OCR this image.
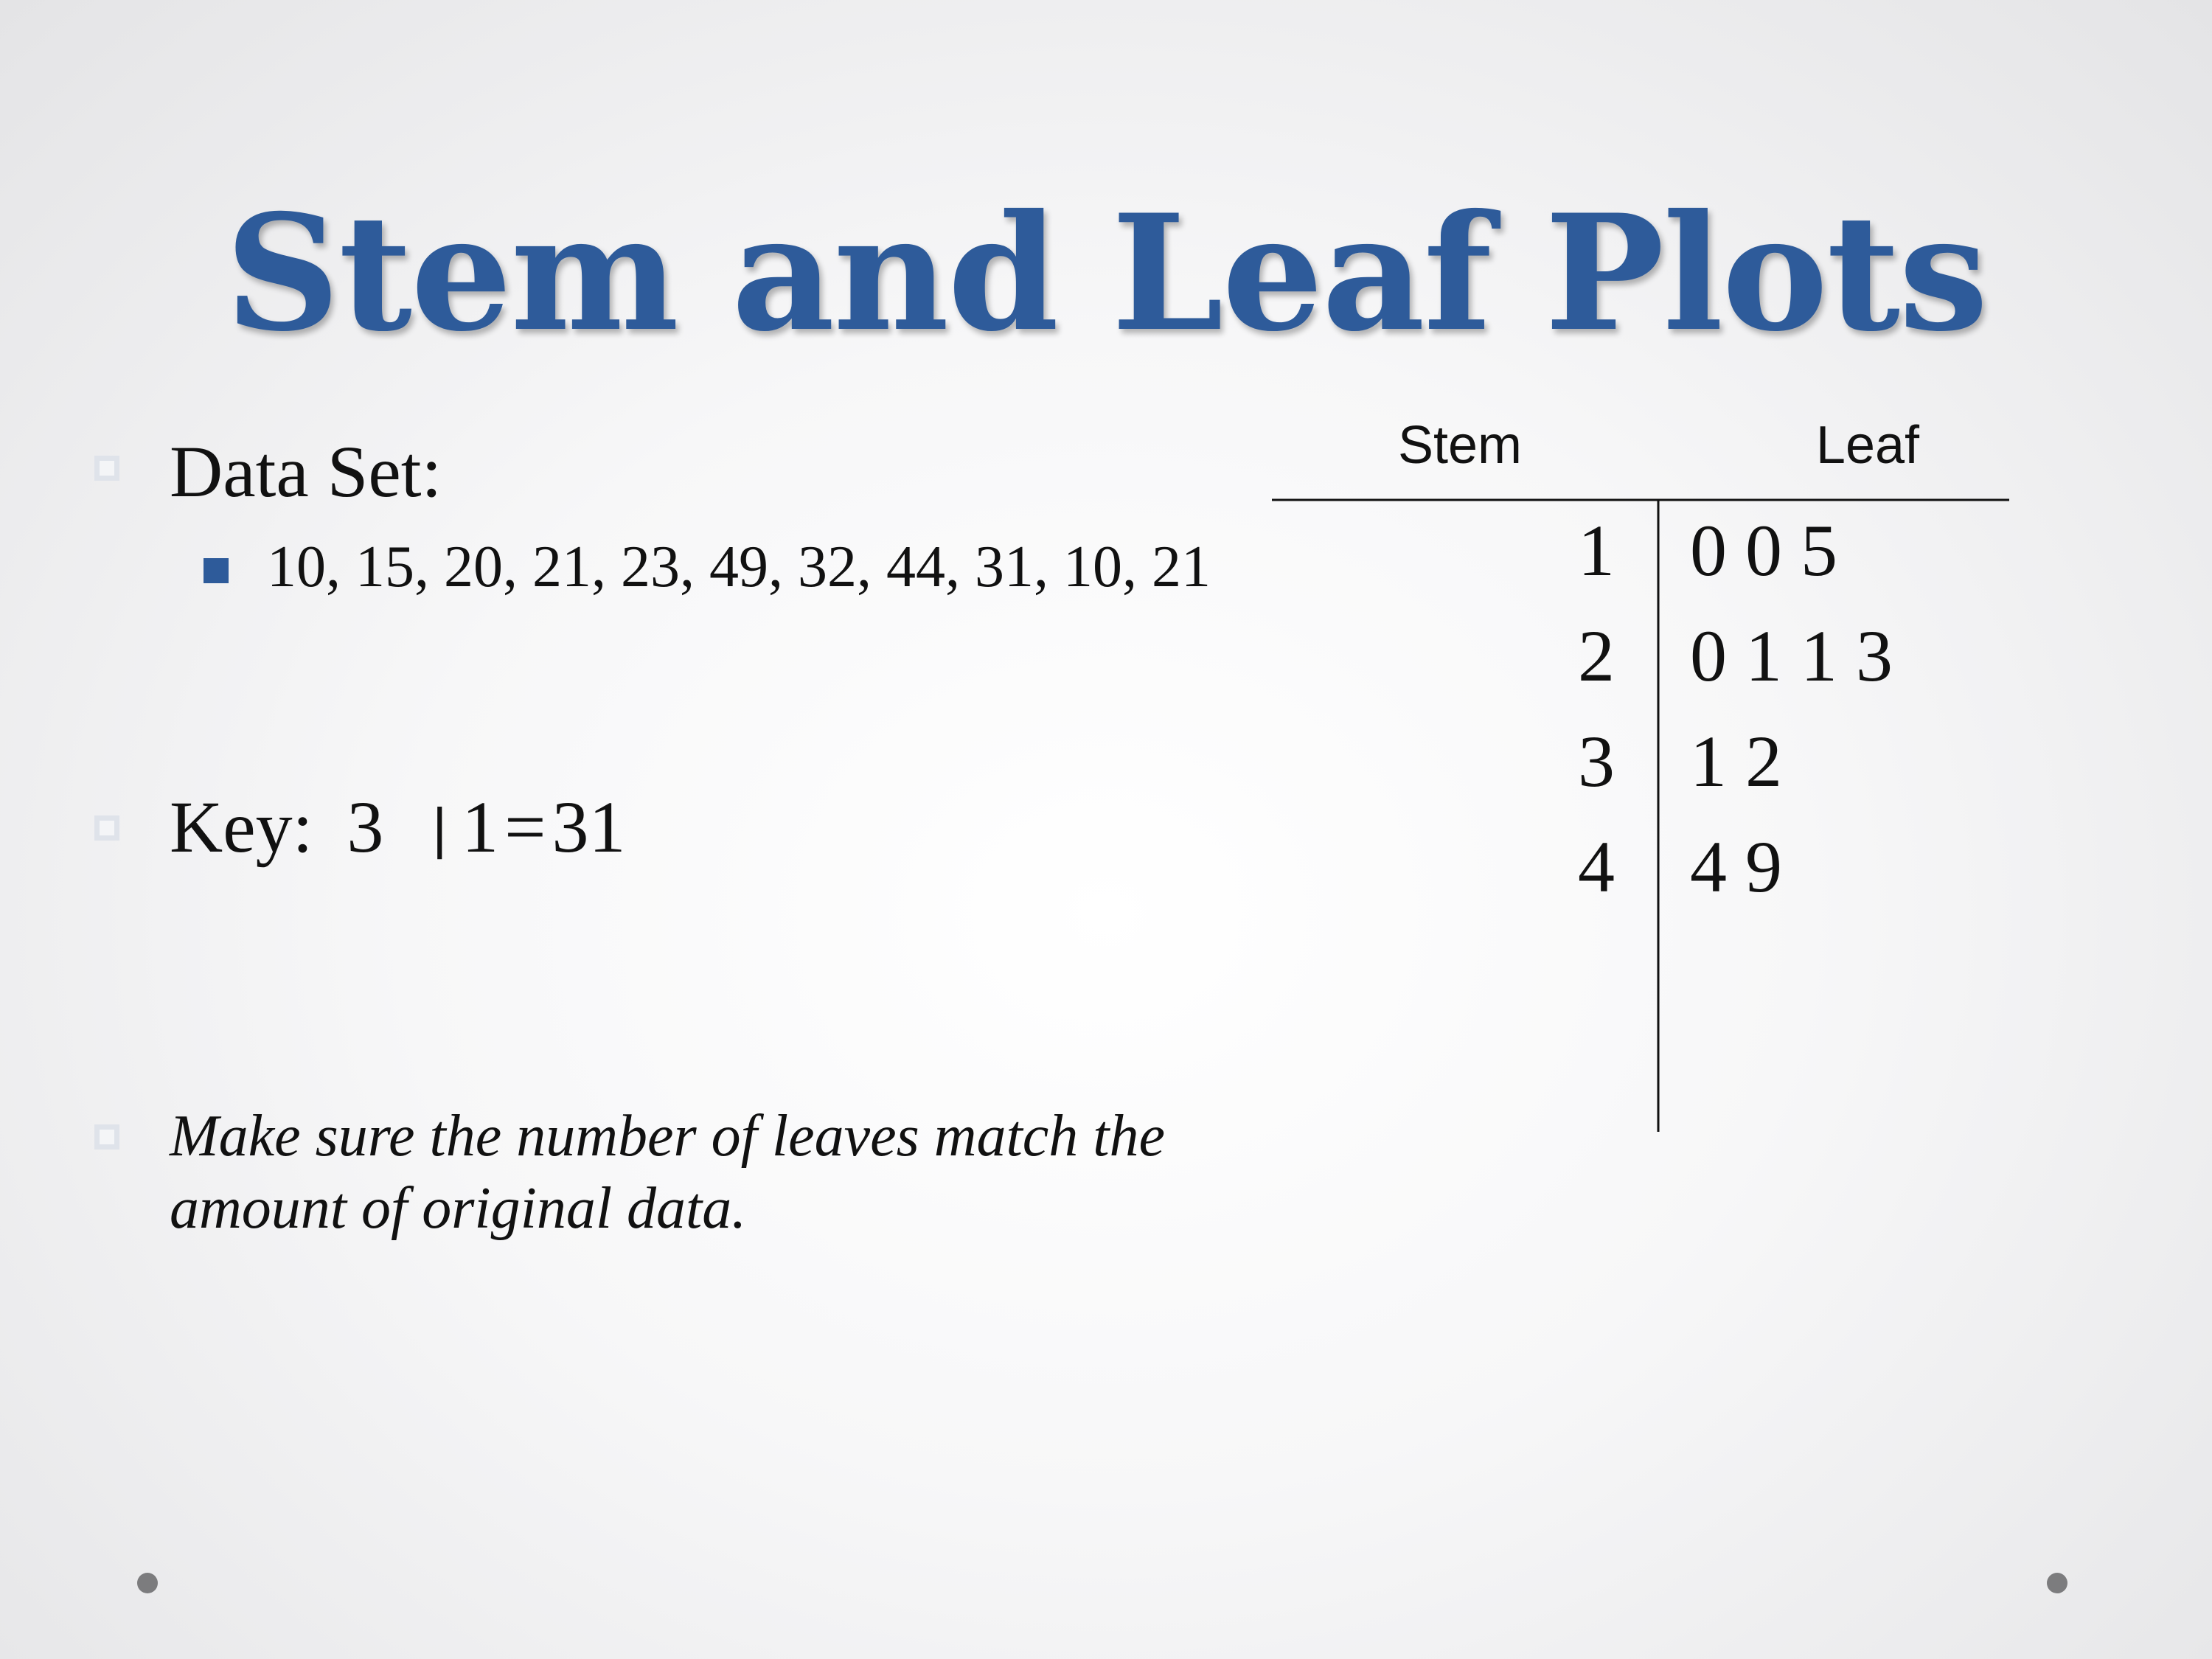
Stem and Leaf Plots
Data Set:
10, 15, 20, 21, 23, 49, 32, 44, 31, 10, 21
Key: 3 | 1=31
Make sure the number of leaves match the amount of original data.
Stem	Leaf
1 0 0 5
2 0 1 1 3
3 1 2
4 4 9
